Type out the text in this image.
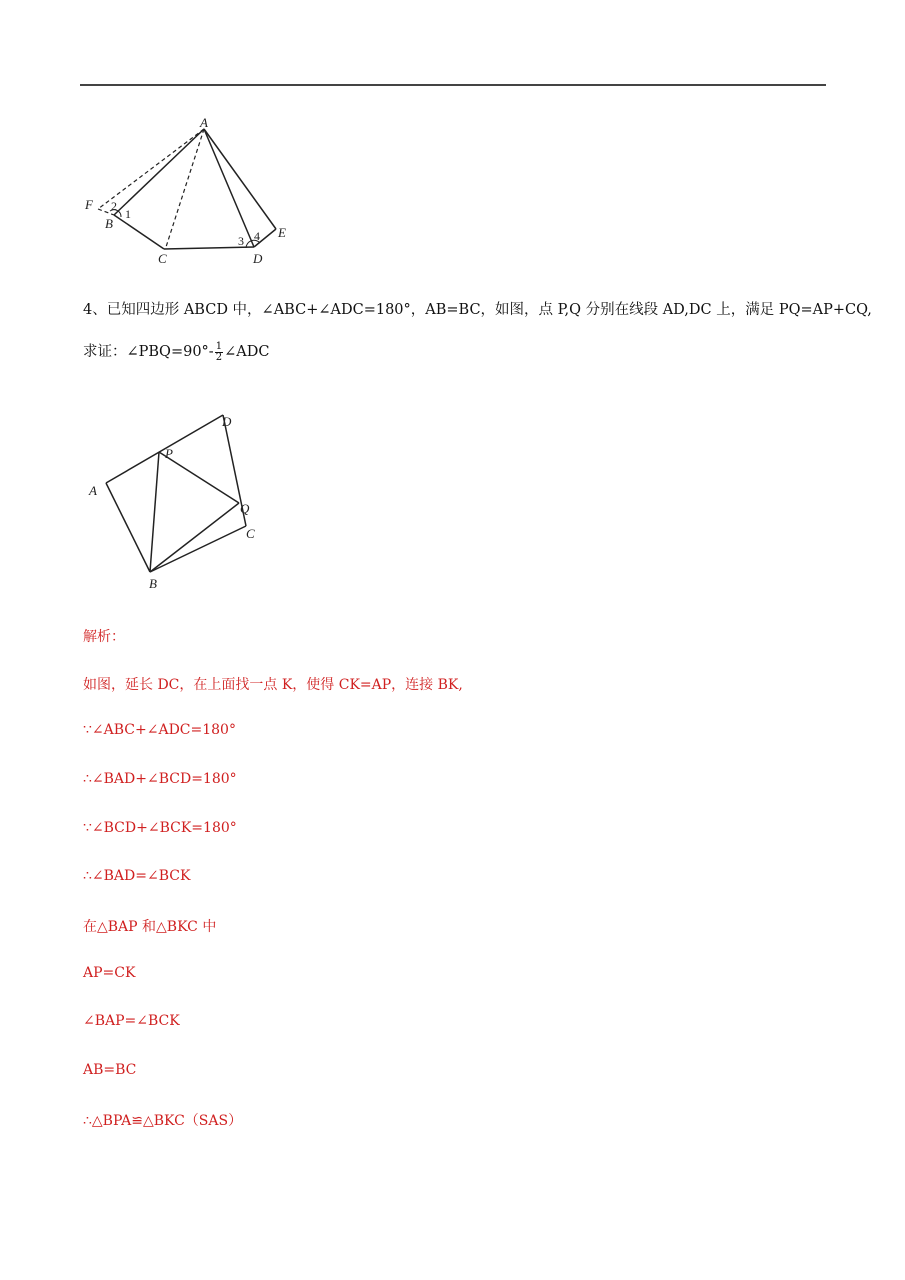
A
F
B
C	D
E
2
1
3 4
4、已知四边形 ABCD 中，∠ABC+∠ADC=180°，AB=BC，如图，点 P,Q 分别在线段 AD,DC 上，满足 PQ=AP+CQ,
求证：∠PBQ=90°- $\frac{1}{2}$ ∠ADC
D
P
A
Q
C
B
解析：
如图，延长 DC，在上面找一点 K，使得 CK=AP，连接 BK,
∵∠ABC+∠ADC=180°
∴∠BAD+∠BCD=180°
∵∠BCD+∠BCK=180°
∴∠BAD=∠BCK
在△BAP 和△BKC 中
AP=CK
∠BAP=∠BCK
AB=BC
∴△BPA≌△BKC（SAS）
